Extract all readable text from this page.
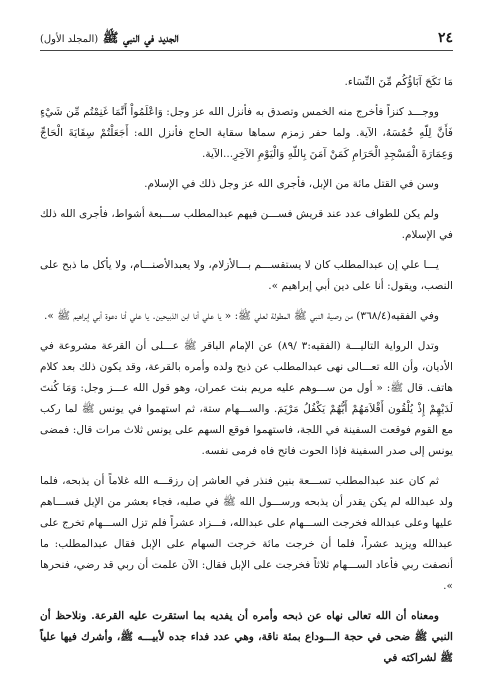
٢٤
الجديد في النبي ﷺ (المجلد الأول)

مَا نَكَحَ آبَاؤُكُم مِّنَ النِّسَاء.

ووجـــد كنزاً فأخرج منه الخمس وتصدق به فأنزل الله عز وجل: وَاعْلَمُواْ أَنَّمَا غَنِمْتُم مِّن شَيْءٍ فَأَنَّ لِلّهِ خُمُسَهُ، الآية. ولما حفر زمزم سماها سقاية الحاج فأنزل الله: أَجَعَلْتُمْ سِقَايَةَ الْحَاجِّ وَعِمَارَةَ الْمَسْجِدِ الْحَرَامِ كَمَنْ آمَنَ بِاللّهِ وَالْيَوْمِ الآخِرِ...الآية.

وسن في القتل مائة من الإبل، فأجرى الله عز وجل ذلك في الإسلام.

ولم يكن للطواف عدد عند قريش فســـن فيهم عبدالمطلب ســـبعة أشواط، فأجرى الله ذلك في الإسلام.

يـــا علي إن عبدالمطلب كان لا يستقســـم بـــالأزلام، ولا يعبدالأصنـــام، ولا يأكل ما ذبح على النصب، ويقول: أنا على دين أبي إبراهيم ».

وفي الفقيه(٣٦٨/٤) من وصية النبي ﷺ المطولة لعلي ﷺ: « يا علي أنا ابن الذبيحين. يا علي أنا دعوة أبي إبراهيم ﷺ ».

وتدل الرواية التاليـــة (الفقيه:٣ /٨٩) عن الإمام الباقر ﷺ عـــلى أن القرعة مشروعة في الأديان، وأن الله تعـــالى نهى عبدالمطلب عن ذبح ولده وأمره بالقرعة، وقد يكون ذلك بعد كلام هاتف. قال ﷺ: « أول من ســـوهم عليه مريم بنت عمران، وهو قول الله عـــز وجل: وَمَا كُنتَ لَدَيْهِمْ إِذْ يُلْقُون أَقْلاَمَهُمْ أَيُّهُمْ يَكْفُلُ مَرْيَمَ. والســـهام ستة، ثم استهموا في يونس ﷺ لما ركب مع القوم فوقعت السفينة في اللجة، فاستهموا فوقع السهم على يونس ثلاث مرات قال: فمضى يونس إلى صدر السفينة فإذا الحوت فاتح فاه فرمى نفسه.

ثم كان عند عبدالمطلب تســـعة بنين فنذر في العاشر إن رزقـــه الله غلاماً أن يذبحه، فلما ولد عبدالله لم يكن يقدر أن يذبحه ورســـول الله ﷺ في صلبه، فجاء بعشر من الإبل فســـاهم عليها وعلى عبدالله فخرجت الســـهام على عبدالله، فـــزاد عشراً فلم تزل الســـهام تخرج على عبدالله ويزيد عشراً، فلما أن خرجت مائة خرجت السهام على الإبل فقال عبدالمطلب: ما أنصفت ربي فأعاد الســـهام ثلاثاً فخرجت على الإبل فقال: الآن علمت أن ربي قد رضي، فنحرها ».

ومعناه أن الله تعالى نهاه عن ذبحه وأمره أن يفديه بما استقرت عليه القرعة. ونلاحظ أن النبي ﷺ ضحى في حجة الـــوداع بمئة ناقة، وهي عدد فداء جده لأبيـــه ﷺ، وأشرك فيها علياً ﷺ لشراكته في
